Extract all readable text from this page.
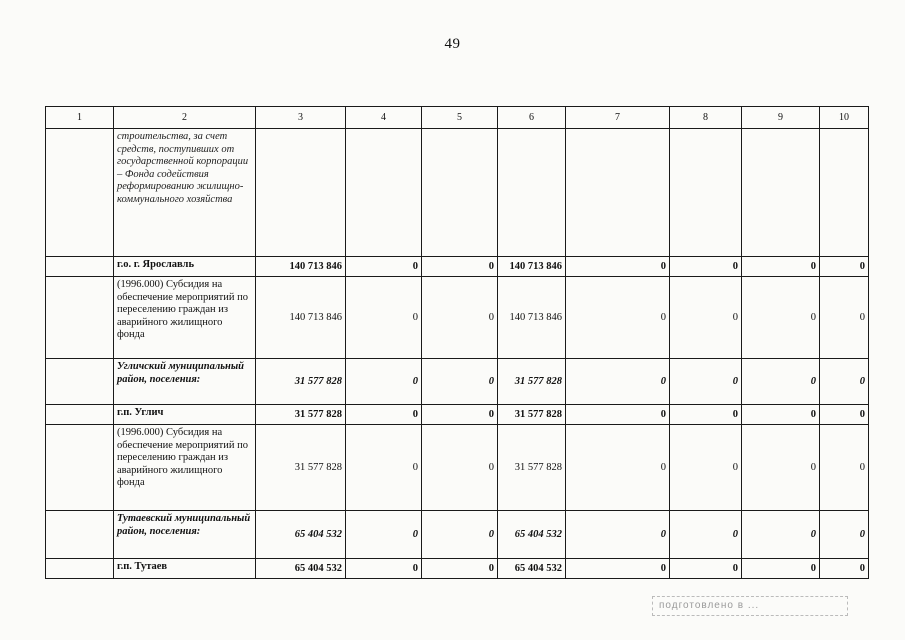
49
1	2	3	4	5	6	7	8	9	10
	строительства, за счет средств, поступивших от государственной корпорации – Фонда содействия реформированию жилищно-коммунального хозяйства								
	г.о. г. Ярославль	140 713 846	0	0	140 713 846	0	0	0	0
	(1996.000) Субсидия на обеспечение мероприятий по переселению граждан из аварийного жилищного фонда	140 713 846	0	0	140 713 846	0	0	0	0
	Угличский муниципальный район, поселения:	31 577 828	0	0	31 577 828	0	0	0	0
	г.п. Углич	31 577 828	0	0	31 577 828	0	0	0	0
	(1996.000) Субсидия на обеспечение мероприятий по переселению граждан из аварийного жилищного фонда	31 577 828	0	0	31 577 828	0	0	0	0
	Тутаевский муниципальный район, поселения:	65 404 532	0	0	65 404 532	0	0	0	0
	г.п. Тутаев	65 404 532	0	0	65 404 532	0	0	0	0
подготовлено в ...
